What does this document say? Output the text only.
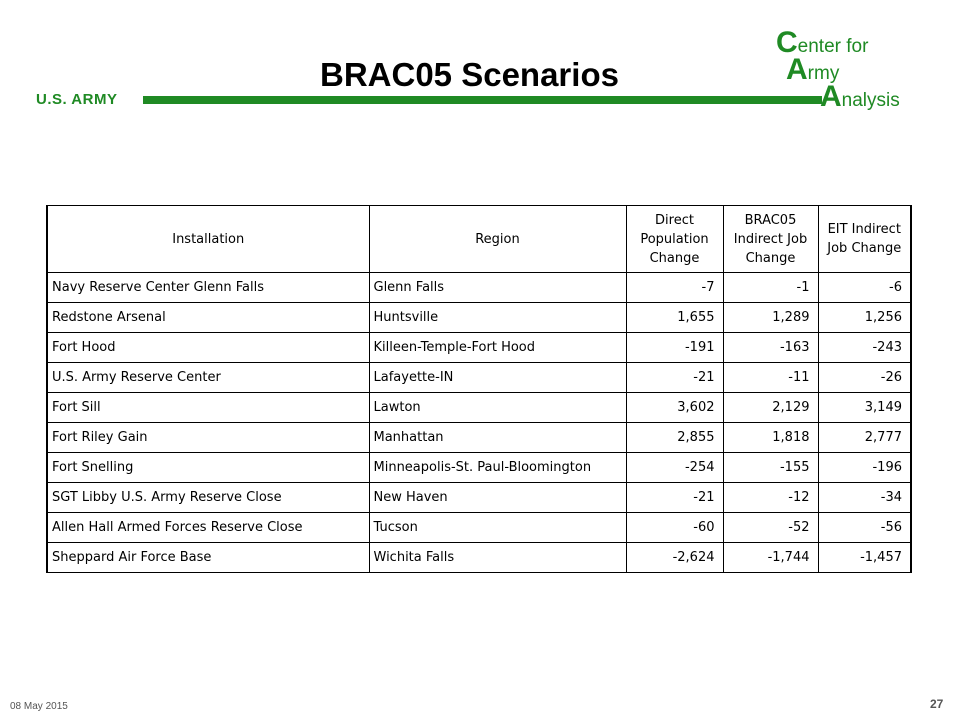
U.S. ARMY
BRAC05 Scenarios
Center for
Army
Analysis
Installation	Region	Direct Population Change	BRAC05 Indirect Job Change	EIT Indirect Job Change
Navy Reserve Center Glenn Falls	Glenn Falls	-7	-1	-6
Redstone Arsenal	Huntsville	1,655	1,289	1,256
Fort Hood	Killeen-Temple-Fort Hood	-191	-163	-243
U.S. Army Reserve Center	Lafayette-IN	-21	-11	-26
Fort Sill	Lawton	3,602	2,129	3,149
Fort Riley Gain	Manhattan	2,855	1,818	2,777
Fort Snelling	Minneapolis-St. Paul-Bloomington	-254	-155	-196
SGT Libby U.S. Army Reserve Close	New Haven	-21	-12	-34
Allen Hall Armed Forces Reserve Close	Tucson	-60	-52	-56
Sheppard Air Force Base	Wichita Falls	-2,624	-1,744	-1,457
08 May 2015	27
